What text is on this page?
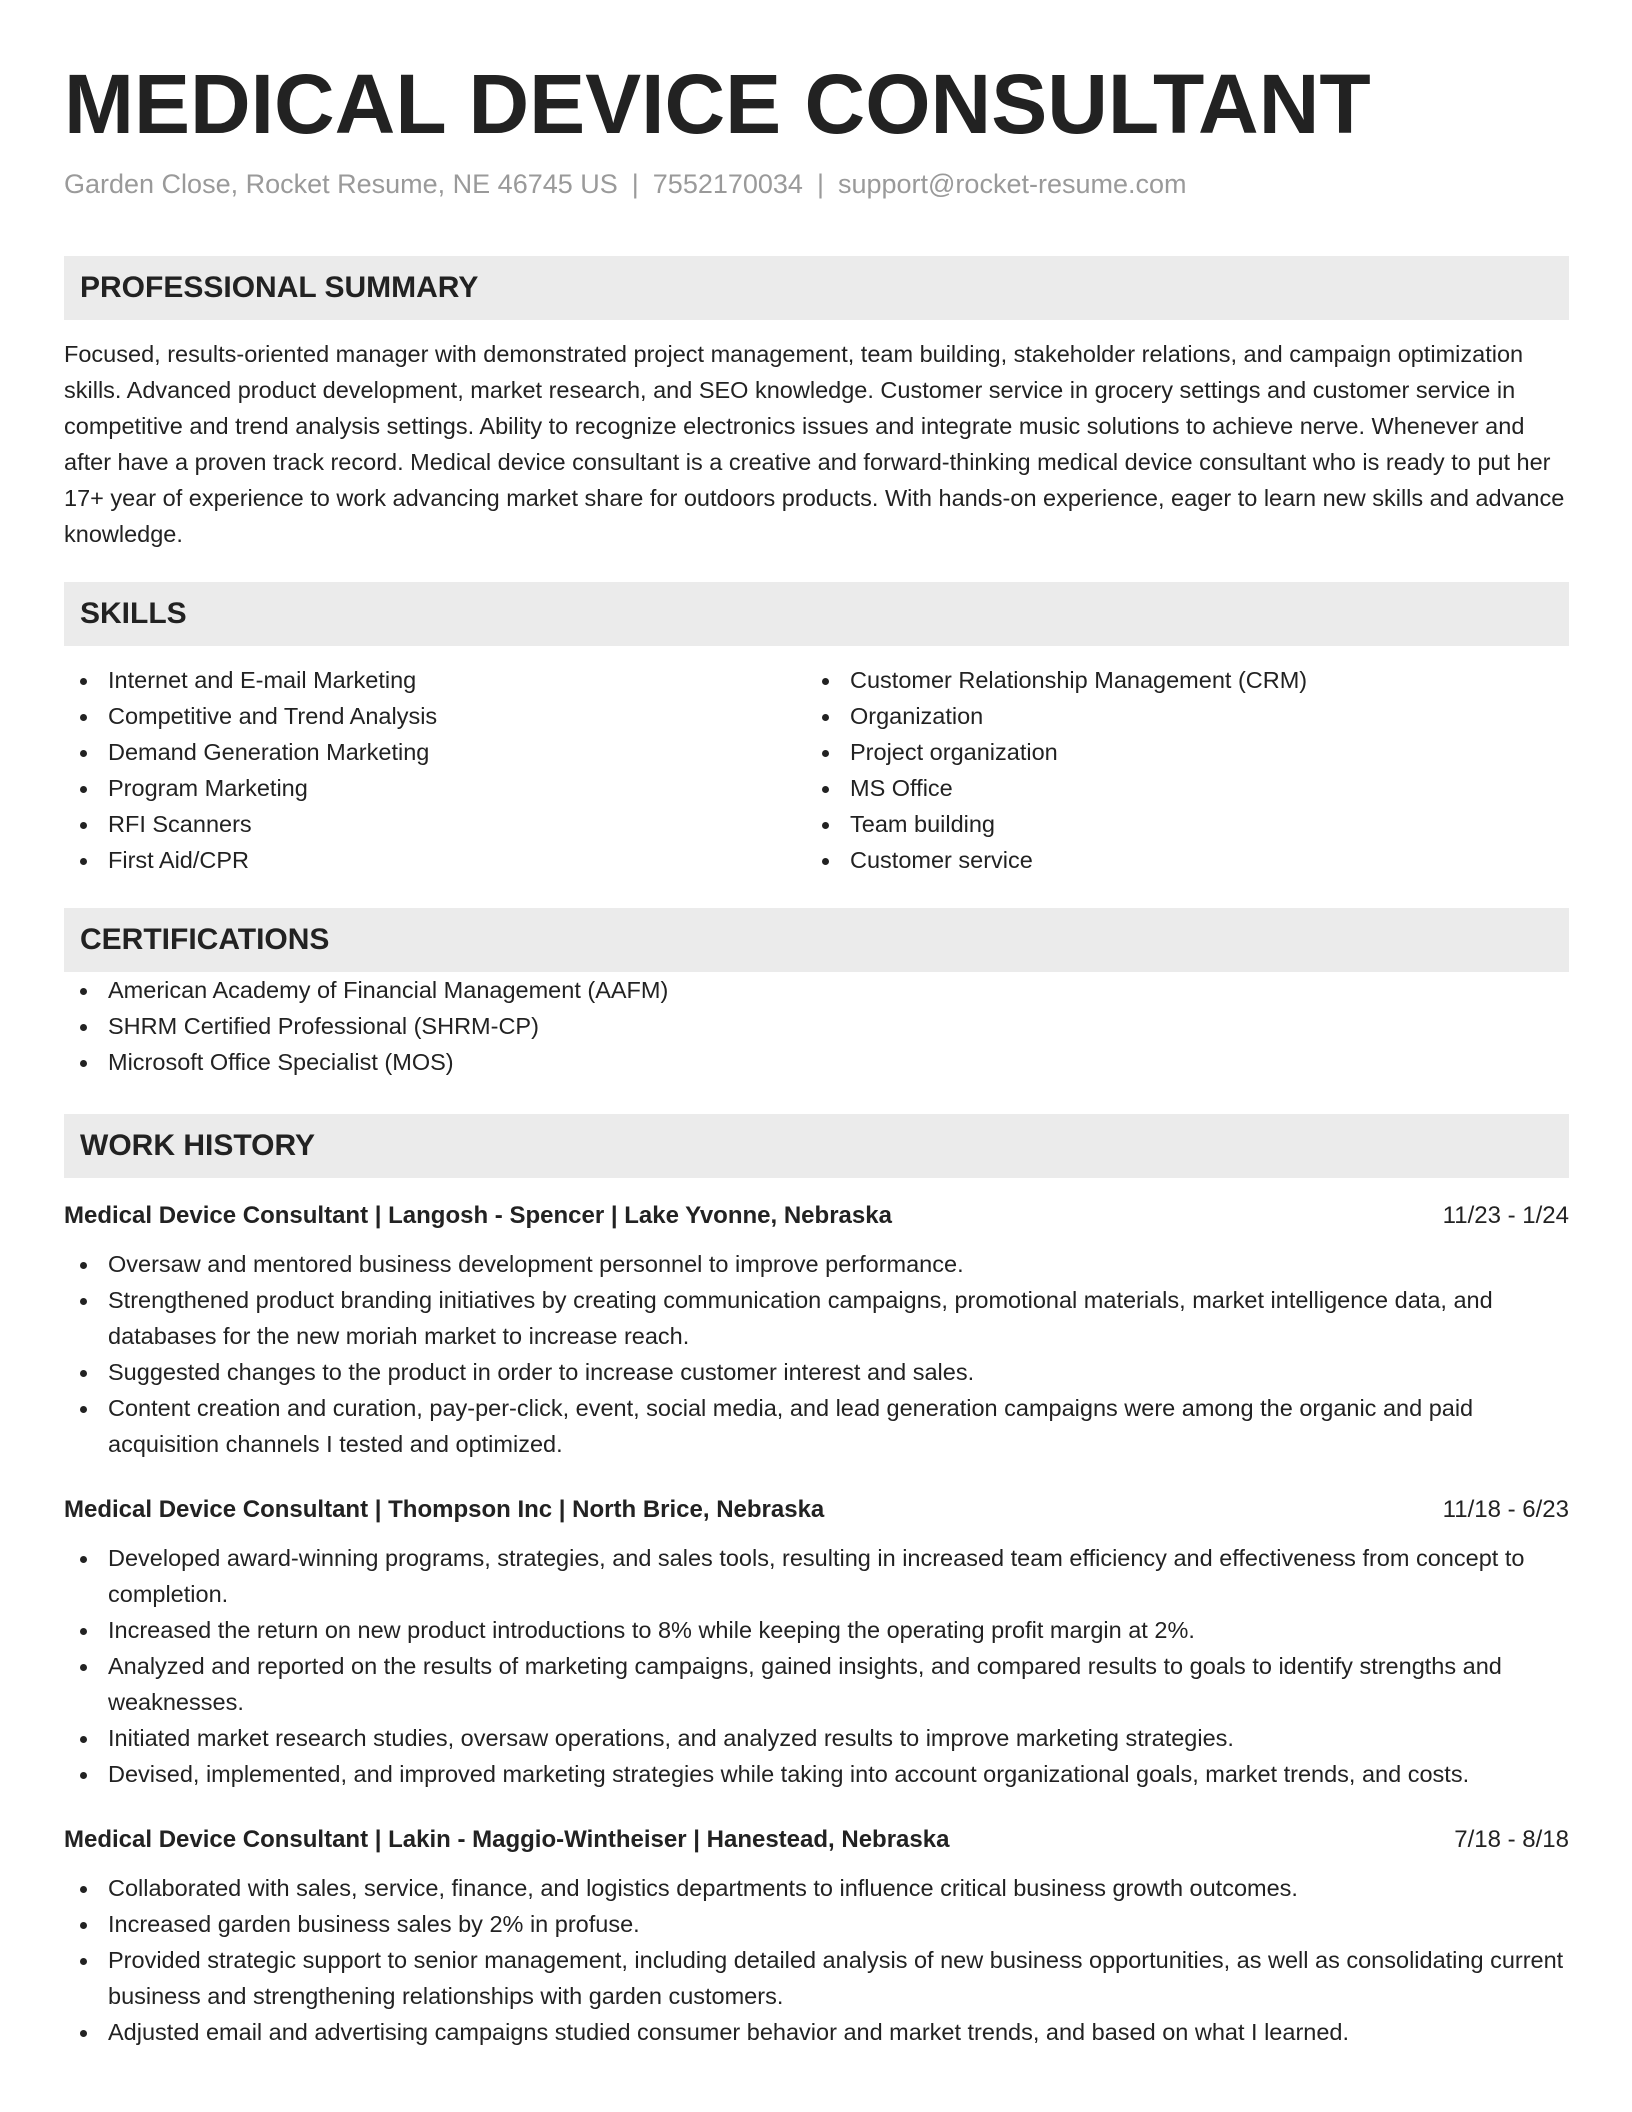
MEDICAL DEVICE CONSULTANT
Garden Close, Rocket Resume, NE 46745 US | 7552170034 | support@rocket-resume.com
PROFESSIONAL SUMMARY
Focused, results-oriented manager with demonstrated project management, team building, stakeholder relations, and campaign optimization skills. Advanced product development, market research, and SEO knowledge. Customer service in grocery settings and customer service in competitive and trend analysis settings. Ability to recognize electronics issues and integrate music solutions to achieve nerve. Whenever and after have a proven track record. Medical device consultant is a creative and forward-thinking medical device consultant who is ready to put her 17+ year of experience to work advancing market share for outdoors products. With hands-on experience, eager to learn new skills and advance knowledge.
SKILLS
Internet and E-mail Marketing
Competitive and Trend Analysis
Demand Generation Marketing
Program Marketing
RFI Scanners
First Aid/CPR
Customer Relationship Management (CRM)
Organization
Project organization
MS Office
Team building
Customer service
CERTIFICATIONS
American Academy of Financial Management (AAFM)
SHRM Certified Professional (SHRM-CP)
Microsoft Office Specialist (MOS)
WORK HISTORY
Medical Device Consultant | Langosh - Spencer | Lake Yvonne, Nebraska	11/23 - 1/24
Oversaw and mentored business development personnel to improve performance.
Strengthened product branding initiatives by creating communication campaigns, promotional materials, market intelligence data, and databases for the new moriah market to increase reach.
Suggested changes to the product in order to increase customer interest and sales.
Content creation and curation, pay-per-click, event, social media, and lead generation campaigns were among the organic and paid acquisition channels I tested and optimized.
Medical Device Consultant | Thompson Inc | North Brice, Nebraska	11/18 - 6/23
Developed award-winning programs, strategies, and sales tools, resulting in increased team efficiency and effectiveness from concept to completion.
Increased the return on new product introductions to 8% while keeping the operating profit margin at 2%.
Analyzed and reported on the results of marketing campaigns, gained insights, and compared results to goals to identify strengths and weaknesses.
Initiated market research studies, oversaw operations, and analyzed results to improve marketing strategies.
Devised, implemented, and improved marketing strategies while taking into account organizational goals, market trends, and costs.
Medical Device Consultant | Lakin - Maggio-Wintheiser | Hanestead, Nebraska	7/18 - 8/18
Collaborated with sales, service, finance, and logistics departments to influence critical business growth outcomes.
Increased garden business sales by 2% in profuse.
Provided strategic support to senior management, including detailed analysis of new business opportunities, as well as consolidating current business and strengthening relationships with garden customers.
Adjusted email and advertising campaigns studied consumer behavior and market trends, and based on what I learned.
